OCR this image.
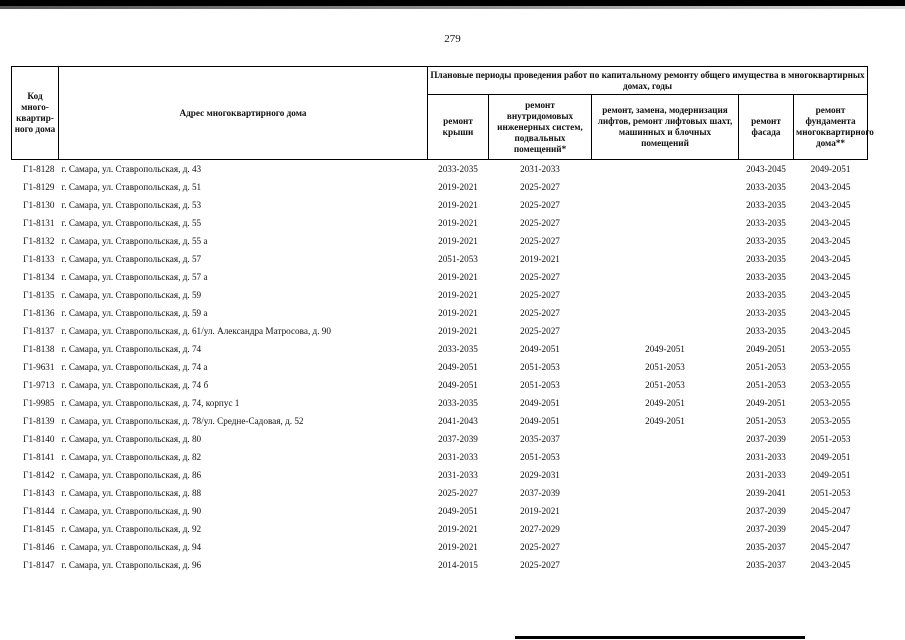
279
Код много-квартир-ного дома	Адрес многоквартирного дома	Плановые периоды проведения работ по капитальному ремонту общего имущества в многоквартирных домах, годы				
		ремонт крыши	ремонт внутридомовых инженерных систем, подвальных помещений*	ремонт, замена, модернизация лифтов, ремонт лифтовых шахт, машинных и блочных помещений	ремонт фасада	ремонт фундамента многоквартирного дома**
Г1-8128	г. Самара, ул. Ставропольская, д. 43	2033-2035	2031-2033		2043-2045	2049-2051
Г1-8129	г. Самара, ул. Ставропольская, д. 51	2019-2021	2025-2027		2033-2035	2043-2045
Г1-8130	г. Самара, ул. Ставропольская, д. 53	2019-2021	2025-2027		2033-2035	2043-2045
Г1-8131	г. Самара, ул. Ставропольская, д. 55	2019-2021	2025-2027		2033-2035	2043-2045
Г1-8132	г. Самара, ул. Ставропольская, д. 55 а	2019-2021	2025-2027		2033-2035	2043-2045
Г1-8133	г. Самара, ул. Ставропольская, д. 57	2051-2053	2019-2021		2033-2035	2043-2045
Г1-8134	г. Самара, ул. Ставропольская, д. 57 а	2019-2021	2025-2027		2033-2035	2043-2045
Г1-8135	г. Самара, ул. Ставропольская, д. 59	2019-2021	2025-2027		2033-2035	2043-2045
Г1-8136	г. Самара, ул. Ставропольская, д. 59 а	2019-2021	2025-2027		2033-2035	2043-2045
Г1-8137	г. Самара, ул. Ставропольская, д. 61/ул. Александра Матросова, д. 90	2019-2021	2025-2027		2033-2035	2043-2045
Г1-8138	г. Самара, ул. Ставропольская, д. 74	2033-2035	2049-2051	2049-2051	2049-2051	2053-2055
Г1-9631	г. Самара, ул. Ставропольская, д. 74 а	2049-2051	2051-2053	2051-2053	2051-2053	2053-2055
Г1-9713	г. Самара, ул. Ставропольская, д. 74 б	2049-2051	2051-2053	2051-2053	2051-2053	2053-2055
Г1-9985	г. Самара, ул. Ставропольская, д. 74, корпус 1	2033-2035	2049-2051	2049-2051	2049-2051	2053-2055
Г1-8139	г. Самара, ул. Ставропольская, д. 78/ул. Средне-Садовая, д. 52	2041-2043	2049-2051	2049-2051	2051-2053	2053-2055
Г1-8140	г. Самара, ул. Ставропольская, д. 80	2037-2039	2035-2037		2037-2039	2051-2053
Г1-8141	г. Самара, ул. Ставропольская, д. 82	2031-2033	2051-2053		2031-2033	2049-2051
Г1-8142	г. Самара, ул. Ставропольская, д. 86	2031-2033	2029-2031		2031-2033	2049-2051
Г1-8143	г. Самара, ул. Ставропольская, д. 88	2025-2027	2037-2039		2039-2041	2051-2053
Г1-8144	г. Самара, ул. Ставропольская, д. 90	2049-2051	2019-2021		2037-2039	2045-2047
Г1-8145	г. Самара, ул. Ставропольская, д. 92	2019-2021	2027-2029		2037-2039	2045-2047
Г1-8146	г. Самара, ул. Ставропольская, д. 94	2019-2021	2025-2027		2035-2037	2045-2047
Г1-8147	г. Самара, ул. Ставропольская, д. 96	2014-2015	2025-2027		2035-2037	2043-2045
